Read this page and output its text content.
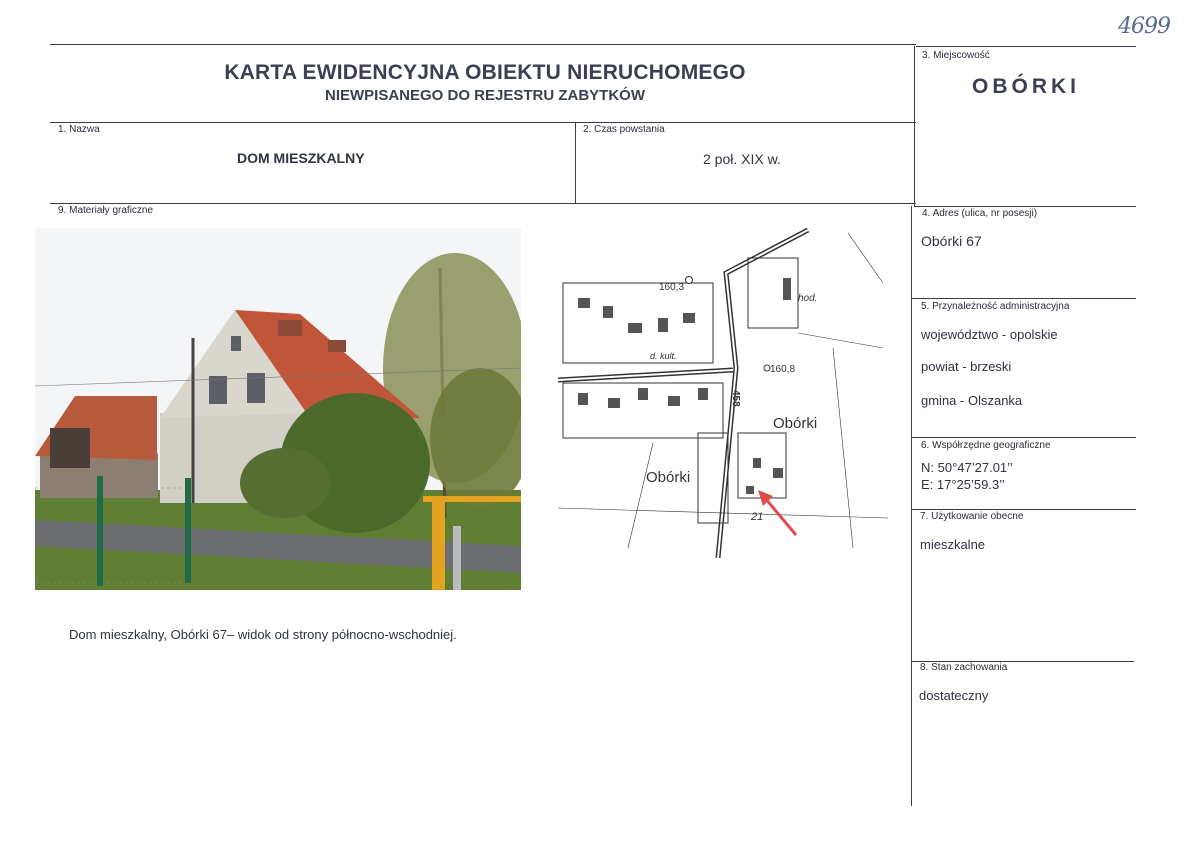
4699
KARTA EWIDENCYJNA OBIEKTU NIERUCHOMEGO
NIEWPISANEGO DO REJESTRU ZABYTKÓW
3. Miejscowość
OBÓRKI
1. Nazwa
DOM MIESZKALNY
2. Czas powstania
2 poł. XIX w.
9. Materiały graficzne	4. Adres (ulica, nr posesji)
Obórki 67
5. Przynależność administracyjna
województwo - opolskie
powiat - brzeski
gmina - Olszanka
6. Współrzędne geograficzne
N: 50°47’27.01’’
E: 17°25’59.3’’
7. Użytkowanie obecne
mieszkalne
8. Stan zachowania
dostateczny
160,3
160,8
hod.
d. kult.
458
Obórki
Obórki
21
Dom mieszkalny, Obórki 67– widok od strony północno-wschodniej.
